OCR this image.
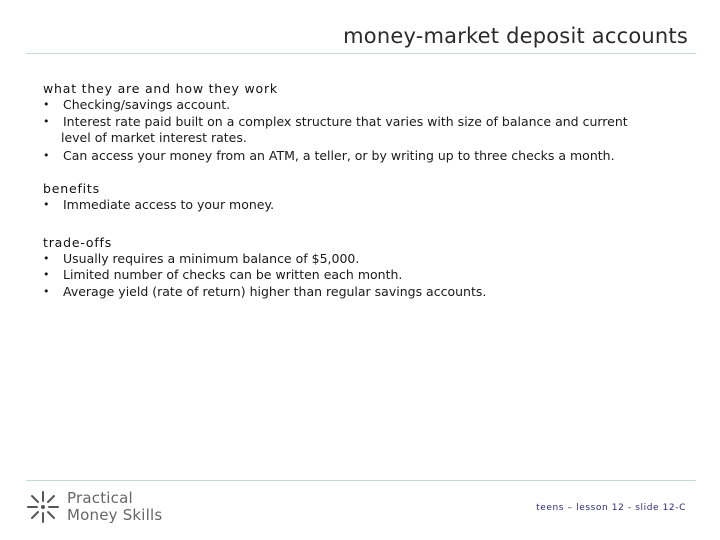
money-market deposit accounts
what they are and how they work
• Checking/savings account.
• Interest rate paid built on a complex structure that varies with size of balance and current
level of market interest rates.
• Can access your money from an ATM, a teller, or by writing up to three checks a month.
benefits
• Immediate access to your money.
trade-offs
• Usually requires a minimum balance of $5,000.
• Limited number of checks can be written each month.
• Average yield (rate of return) higher than regular savings accounts.
Practical
Money Skills	teens – lesson 12 - slide 12-C
